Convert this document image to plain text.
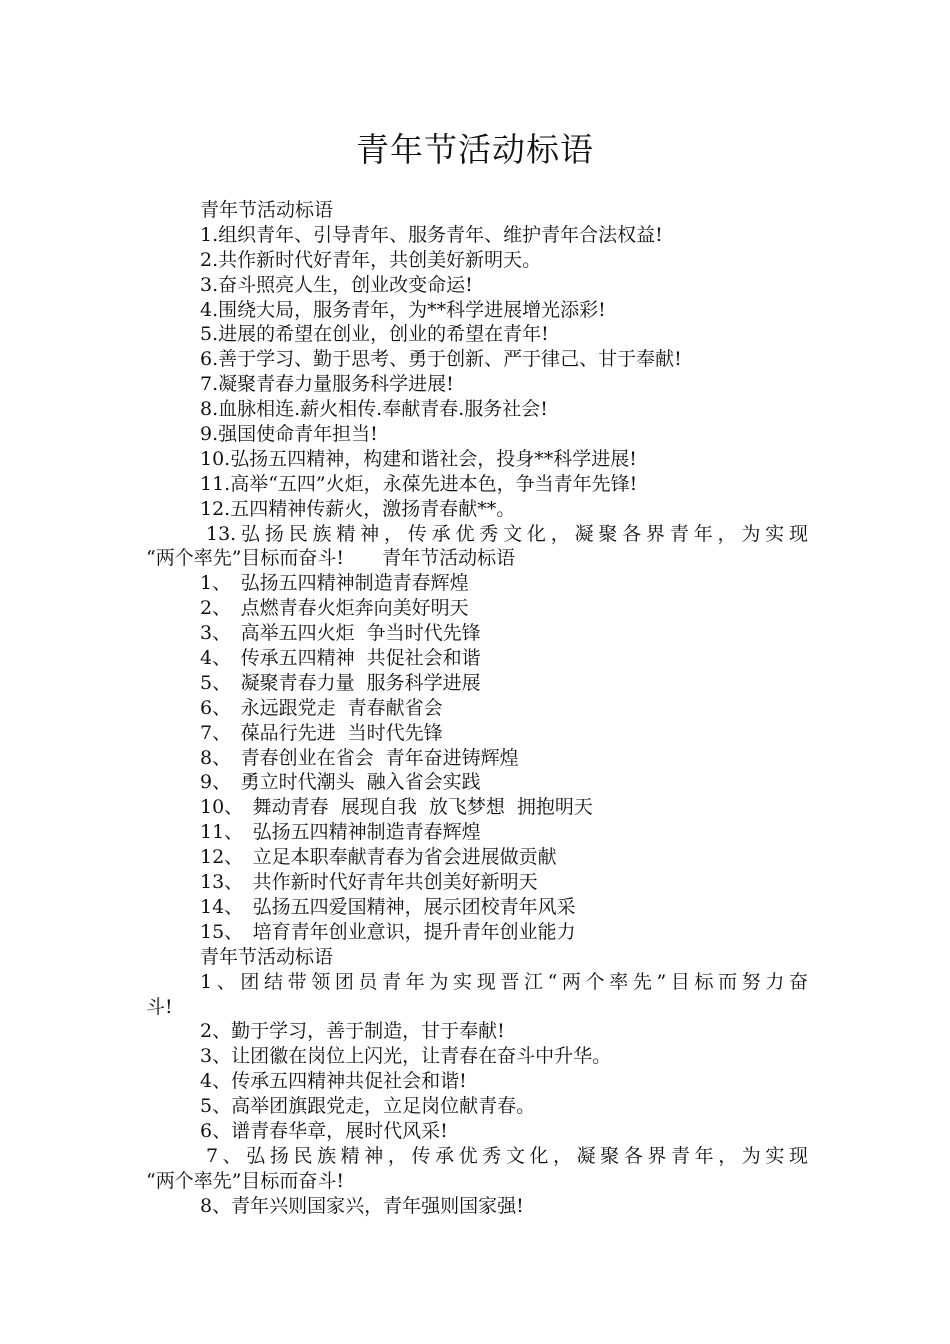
青年节活动标语
青年节活动标语
1.组织青年、引导青年、服务青年、维护青年合法权益!
2.共作新时代好青年，共创美好新明天。
3.奋斗照亮人生，创业改变命运!
4.围绕大局，服务青年，为**科学进展增光添彩!
5.进展的希望在创业，创业的希望在青年!
6.善于学习、勤于思考、勇于创新、严于律己、甘于奉献!
7.凝聚青春力量服务科学进展!
8.血脉相连.薪火相传.奉献青春.服务社会!
9.强国使命青年担当!
10.弘扬五四精神，构建和谐社会，投身**科学进展!
11.高举“五四”火炬，永葆先进本色，争当青年先锋!
12.五四精神传薪火，激扬青春献**。
13.弘扬民族精神，传承优秀文化，凝聚各界青年，为实现
“两个率先”目标而奋斗!　　青年节活动标语
1、　弘扬五四精神制造青春辉煌
2、　点燃青春火炬奔向美好明天
3、　高举五四火炬  争当时代先锋
4、　传承五四精神  共促社会和谐
5、　凝聚青春力量  服务科学进展
6、　永远跟党走  青春献省会
7、　葆品行先进  当时代先锋
8、　青春创业在省会  青年奋进铸辉煌
9、　勇立时代潮头  融入省会实践
10、　舞动青春  展现自我  放飞梦想  拥抱明天
11、　弘扬五四精神制造青春辉煌
12、　立足本职奉献青春为省会进展做贡献
13、　共作新时代好青年共创美好新明天
14、　弘扬五四爱国精神，展示团校青年风采
15、　培育青年创业意识，提升青年创业能力
青年节活动标语
1、团结带领团员青年为实现晋江“两个率先”目标而努力奋
斗!
2、勤于学习，善于制造，甘于奉献!
3、让团徽在岗位上闪光，让青春在奋斗中升华。
4、传承五四精神共促社会和谐!
5、高举团旗跟党走，立足岗位献青春。
6、谱青春华章，展时代风采!
7、弘扬民族精神，传承优秀文化，凝聚各界青年，为实现
“两个率先”目标而奋斗!
8、青年兴则国家兴，青年强则国家强!
